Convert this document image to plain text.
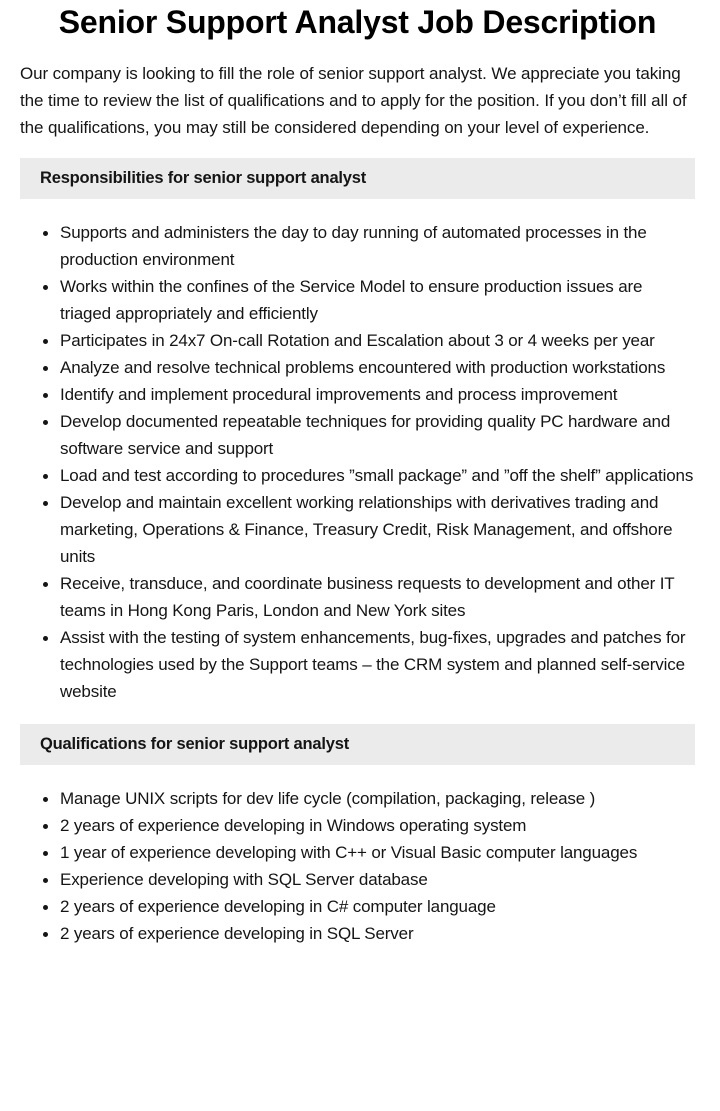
Senior Support Analyst Job Description

Our company is looking to fill the role of senior support analyst. We appreciate you taking the time to review the list of qualifications and to apply for the position. If you don’t fill all of the qualifications, you may still be considered depending on your level of experience.

Responsibilities for senior support analyst
Supports and administers the day to day running of automated processes in the production environment
Works within the confines of the Service Model to ensure production issues are triaged appropriately and efficiently
Participates in 24x7 On-call Rotation and Escalation about 3 or 4 weeks per year
Analyze and resolve technical problems encountered with production workstations
Identify and implement procedural improvements and process improvement
Develop documented repeatable techniques for providing quality PC hardware and software service and support
Load and test according to procedures ”small package” and ”off the shelf” applications
Develop and maintain excellent working relationships with derivatives trading and marketing, Operations & Finance, Treasury Credit, Risk Management, and offshore units
Receive, transduce, and coordinate business requests to development and other IT teams in Hong Kong Paris, London and New York sites
Assist with the testing of system enhancements, bug-fixes, upgrades and patches for technologies used by the Support teams – the CRM system and planned self-service website
Qualifications for senior support analyst
Manage UNIX scripts for dev life cycle (compilation, packaging, release )
2 years of experience developing in Windows operating system
1 year of experience developing with C++ or Visual Basic computer languages
Experience developing with SQL Server database
2 years of experience developing in C# computer language
2 years of experience developing in SQL Server
